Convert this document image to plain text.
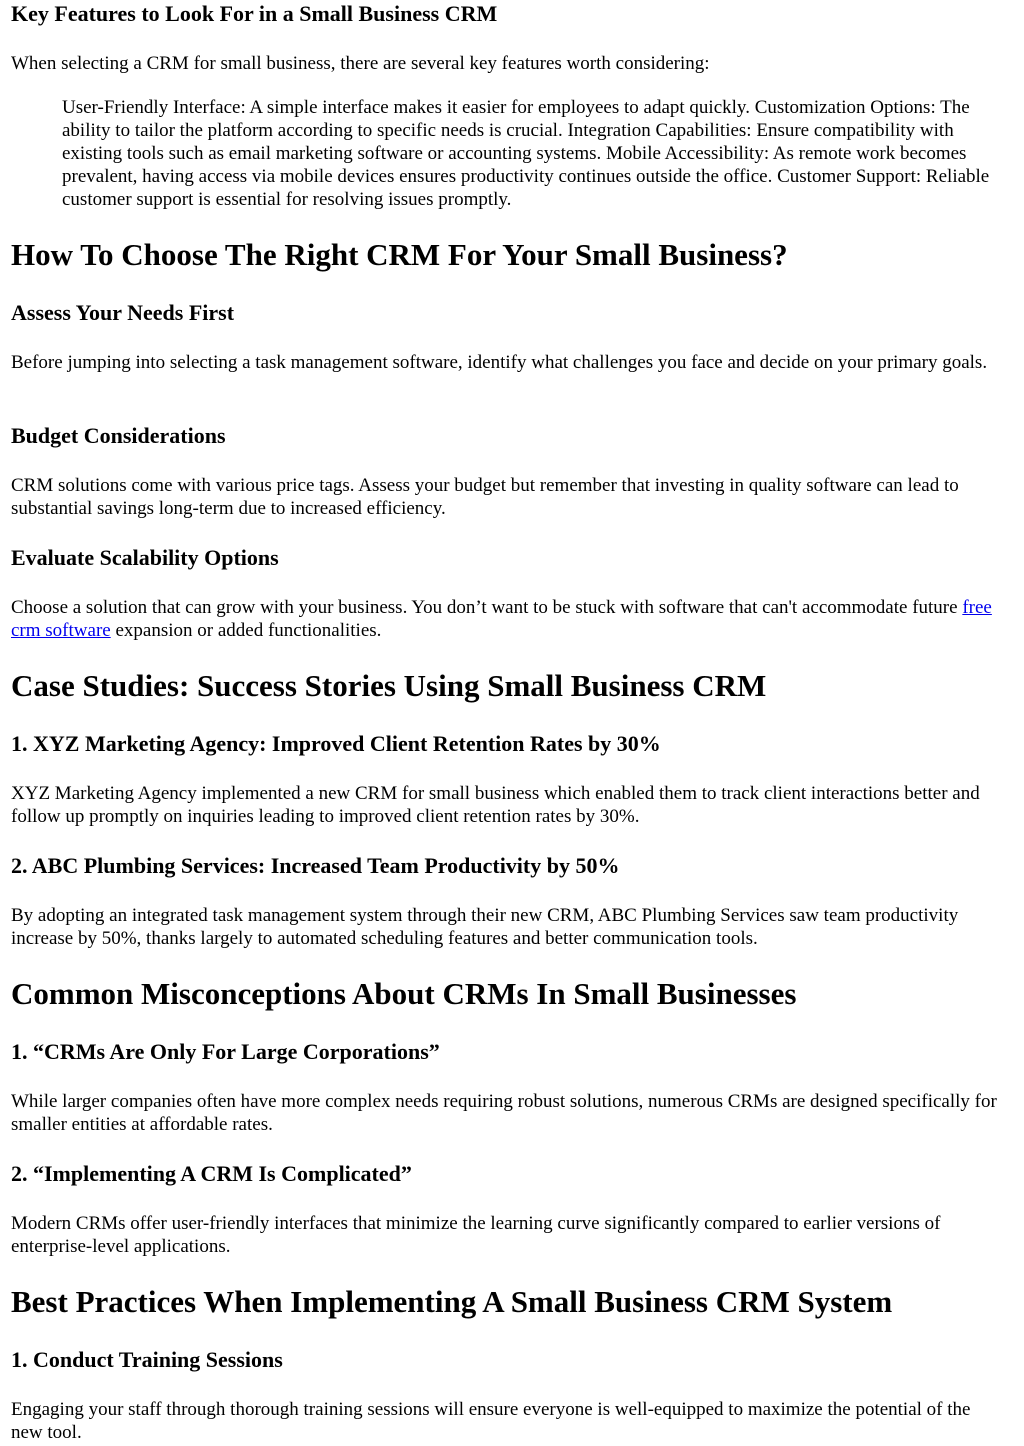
Key Features to Look For in a Small Business CRM

When selecting a CRM for small business, there are several key features worth considering:

User-Friendly Interface: A simple interface makes it easier for employees to adapt quickly. Customization Options: The ability to tailor the platform according to specific needs is crucial. Integration Capabilities: Ensure compatibility with existing tools such as email marketing software or accounting systems. Mobile Accessibility: As remote work becomes prevalent, having access via mobile devices ensures productivity continues outside the office. Customer Support: Reliable customer support is essential for resolving issues promptly.
How To Choose The Right CRM For Your Small Business?
Assess Your Needs First

Before jumping into selecting a task management software, identify what challenges you face and decide on your primary goals.

Budget Considerations

CRM solutions come with various price tags. Assess your budget but remember that investing in quality software can lead to substantial savings long-term due to increased efficiency.

Evaluate Scalability Options

Choose a solution that can grow with your business. You don’t want to be stuck with software that can't accommodate future free crm software expansion or added functionalities.

Case Studies: Success Stories Using Small Business CRM
1. XYZ Marketing Agency: Improved Client Retention Rates by 30%

XYZ Marketing Agency implemented a new CRM for small business which enabled them to track client interactions better and follow up promptly on inquiries leading to improved client retention rates by 30%.

2. ABC Plumbing Services: Increased Team Productivity by 50%

By adopting an integrated task management system through their new CRM, ABC Plumbing Services saw team productivity increase by 50%, thanks largely to automated scheduling features and better communication tools.

Common Misconceptions About CRMs In Small Businesses
1. “CRMs Are Only For Large Corporations”

While larger companies often have more complex needs requiring robust solutions, numerous CRMs are designed specifically for smaller entities at affordable rates.

2. “Implementing A CRM Is Complicated”

Modern CRMs offer user-friendly interfaces that minimize the learning curve significantly compared to earlier versions of enterprise-level applications.

Best Practices When Implementing A Small Business CRM System
1. Conduct Training Sessions

Engaging your staff through thorough training sessions will ensure everyone is well-equipped to maximize the potential of the new tool.
